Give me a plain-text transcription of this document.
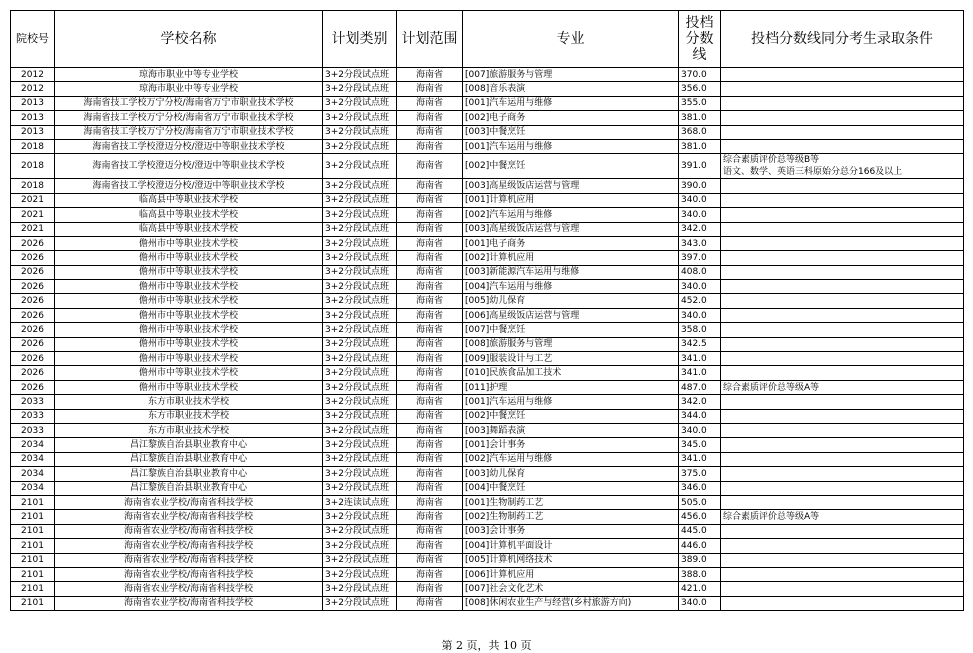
院校号	学校名称	计划类别	计划范围	专业	投档分数线	投档分数线同分考生录取条件
2012	琼海市职业中等专业学校	3+2分段试点班	海南省	[007]旅游服务与管理	370.0	
2012	琼海市职业中等专业学校	3+2分段试点班	海南省	[008]音乐表演	356.0	
2013	海南省技工学校万宁分校/海南省万宁市职业技术学校	3+2分段试点班	海南省	[001]汽车运用与维修	355.0	
2013	海南省技工学校万宁分校/海南省万宁市职业技术学校	3+2分段试点班	海南省	[002]电子商务	381.0	
2013	海南省技工学校万宁分校/海南省万宁市职业技术学校	3+2分段试点班	海南省	[003]中餐烹饪	368.0	
2018	海南省技工学校澄迈分校/澄迈中等职业技术学校	3+2分段试点班	海南省	[001]汽车运用与维修	381.0	
2018	海南省技工学校澄迈分校/澄迈中等职业技术学校	3+2分段试点班	海南省	[002]中餐烹饪	391.0	综合素质评价总等级B等
语文、数学、英语三科原始分总分166及以上

2018	海南省技工学校澄迈分校/澄迈中等职业技术学校	3+2分段试点班	海南省	[003]高星级饭店运营与管理	390.0	
2021	临高县中等职业技术学校	3+2分段试点班	海南省	[001]计算机应用	340.0	
2021	临高县中等职业技术学校	3+2分段试点班	海南省	[002]汽车运用与维修	340.0	
2021	临高县中等职业技术学校	3+2分段试点班	海南省	[003]高星级饭店运营与管理	342.0	
2026	儋州市中等职业技术学校	3+2分段试点班	海南省	[001]电子商务	343.0	
2026	儋州市中等职业技术学校	3+2分段试点班	海南省	[002]计算机应用	397.0	
2026	儋州市中等职业技术学校	3+2分段试点班	海南省	[003]新能源汽车运用与维修	408.0	
2026	儋州市中等职业技术学校	3+2分段试点班	海南省	[004]汽车运用与维修	340.0	
2026	儋州市中等职业技术学校	3+2分段试点班	海南省	[005]幼儿保育	452.0	
2026	儋州市中等职业技术学校	3+2分段试点班	海南省	[006]高星级饭店运营与管理	340.0	
2026	儋州市中等职业技术学校	3+2分段试点班	海南省	[007]中餐烹饪	358.0	
2026	儋州市中等职业技术学校	3+2分段试点班	海南省	[008]旅游服务与管理	342.5	
2026	儋州市中等职业技术学校	3+2分段试点班	海南省	[009]服装设计与工艺	341.0	
2026	儋州市中等职业技术学校	3+2分段试点班	海南省	[010]民族食品加工技术	341.0	
2026	儋州市中等职业技术学校	3+2分段试点班	海南省	[011]护理	487.0	综合素质评价总等级A等

2033	东方市职业技术学校	3+2分段试点班	海南省	[001]汽车运用与维修	342.0	
2033	东方市职业技术学校	3+2分段试点班	海南省	[002]中餐烹饪	344.0	
2033	东方市职业技术学校	3+2分段试点班	海南省	[003]舞蹈表演	340.0	
2034	昌江黎族自治县职业教育中心	3+2分段试点班	海南省	[001]会计事务	345.0	
2034	昌江黎族自治县职业教育中心	3+2分段试点班	海南省	[002]汽车运用与维修	341.0	
2034	昌江黎族自治县职业教育中心	3+2分段试点班	海南省	[003]幼儿保育	375.0	
2034	昌江黎族自治县职业教育中心	3+2分段试点班	海南省	[004]中餐烹饪	346.0	
2101	海南省农业学校/海南省科技学校	3+2连读试点班	海南省	[001]生物制药工艺	505.0	
2101	海南省农业学校/海南省科技学校	3+2分段试点班	海南省	[002]生物制药工艺	456.0	综合素质评价总等级A等

2101	海南省农业学校/海南省科技学校	3+2分段试点班	海南省	[003]会计事务	445.0	
2101	海南省农业学校/海南省科技学校	3+2分段试点班	海南省	[004]计算机平面设计	446.0	
2101	海南省农业学校/海南省科技学校	3+2分段试点班	海南省	[005]计算机网络技术	389.0	
2101	海南省农业学校/海南省科技学校	3+2分段试点班	海南省	[006]计算机应用	388.0	
2101	海南省农业学校/海南省科技学校	3+2分段试点班	海南省	[007]社会文化艺术	421.0	
2101	海南省农业学校/海南省科技学校	3+2分段试点班	海南省	[008]休闲农业生产与经营(乡村旅游方向)	340.0	
第 2 页，共 10 页
